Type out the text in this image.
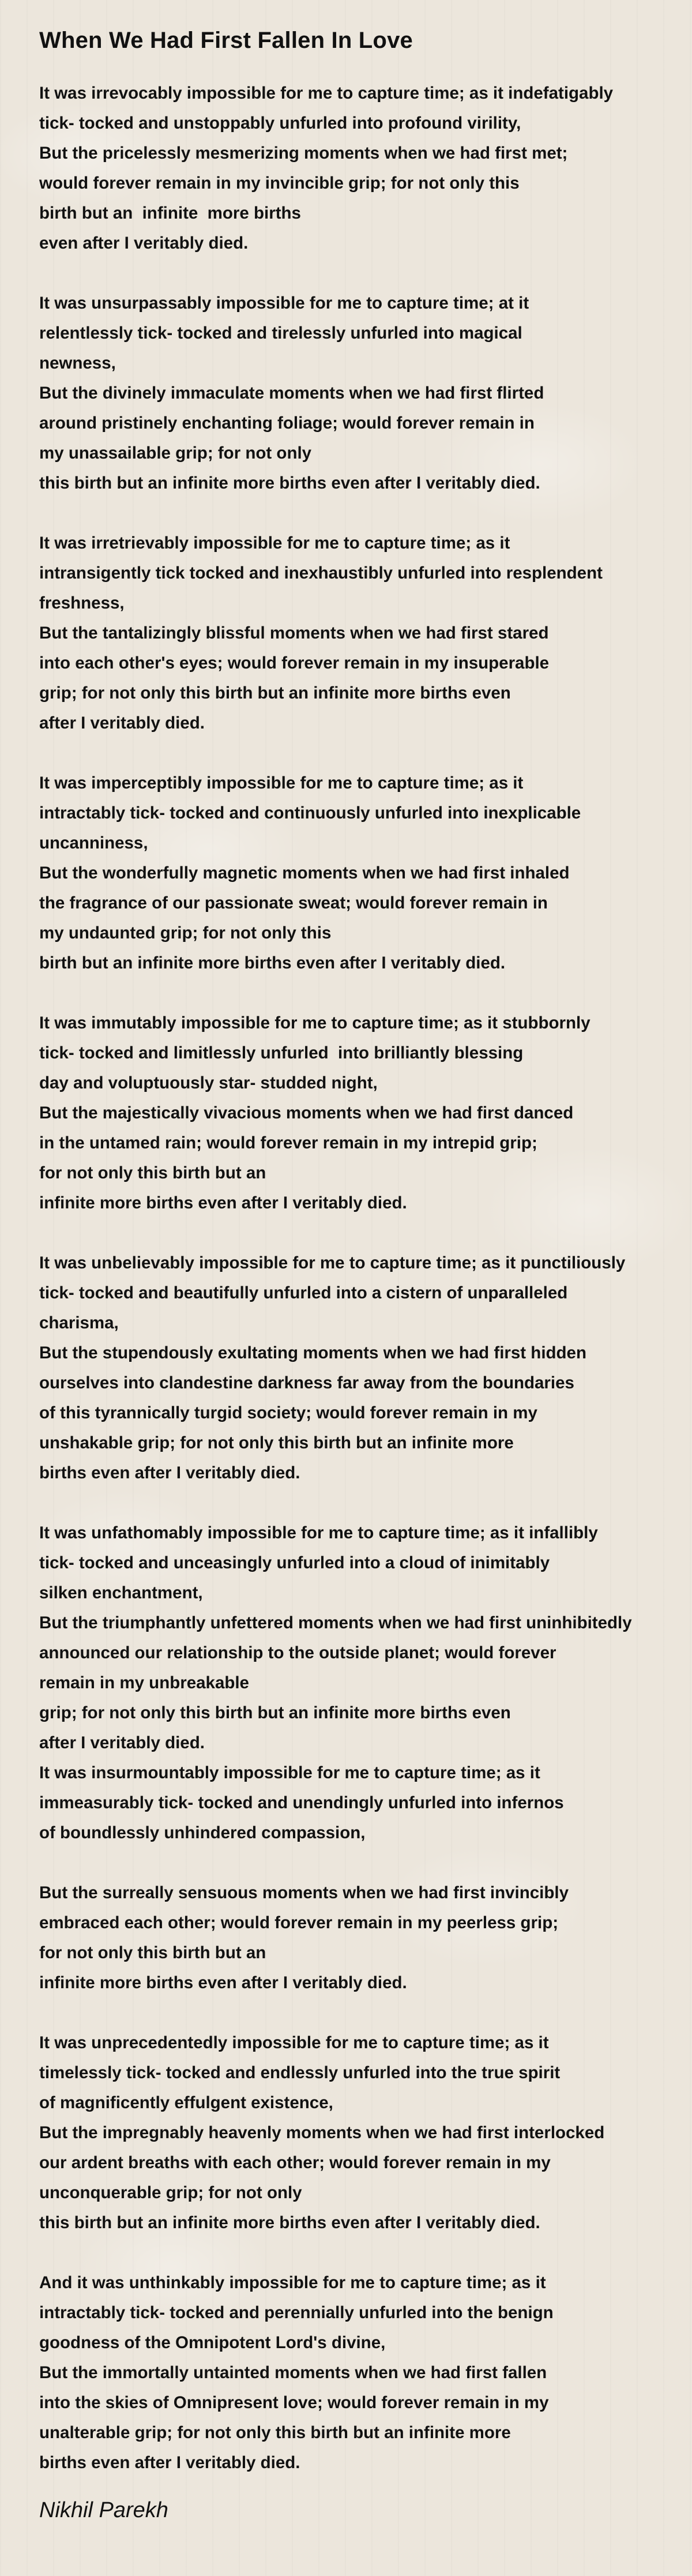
When We Had First Fallen In Love
It was irrevocably impossible for me to capture time; as it indefatigably
tick- tocked and unstoppably unfurled into profound virility,
But the pricelessly mesmerizing moments when we had first met;
would forever remain in my invincible grip; for not only this
birth but an  infinite  more births
even after I veritably died.
It was unsurpassably impossible for me to capture time; at it
relentlessly tick- tocked and tirelessly unfurled into magical
newness,
But the divinely immaculate moments when we had first flirted
around pristinely enchanting foliage; would forever remain in
my unassailable grip; for not only
this birth but an infinite more births even after I veritably died.
It was irretrievably impossible for me to capture time; as it
intransigently tick tocked and inexhaustibly unfurled into resplendent
freshness,
But the tantalizingly blissful moments when we had first stared
into each other's eyes; would forever remain in my insuperable
grip; for not only this birth but an infinite more births even
after I veritably died.
It was imperceptibly impossible for me to capture time; as it
intractably tick- tocked and continuously unfurled into inexplicable
uncanniness,
But the wonderfully magnetic moments when we had first inhaled
the fragrance of our passionate sweat; would forever remain in
my undaunted grip; for not only this
birth but an infinite more births even after I veritably died.
It was immutably impossible for me to capture time; as it stubbornly
tick- tocked and limitlessly unfurled  into brilliantly blessing
day and voluptuously star- studded night,
But the majestically vivacious moments when we had first danced
in the untamed rain; would forever remain in my intrepid grip;
for not only this birth but an
infinite more births even after I veritably died.
It was unbelievably impossible for me to capture time; as it punctiliously
tick- tocked and beautifully unfurled into a cistern of unparalleled
charisma,
But the stupendously exultating moments when we had first hidden
ourselves into clandestine darkness far away from the boundaries
of this tyrannically turgid society; would forever remain in my
unshakable grip; for not only this birth but an infinite more
births even after I veritably died.
It was unfathomably impossible for me to capture time; as it infallibly
tick- tocked and unceasingly unfurled into a cloud of inimitably
silken enchantment,
But the triumphantly unfettered moments when we had first uninhibitedly
announced our relationship to the outside planet; would forever
remain in my unbreakable
grip; for not only this birth but an infinite more births even
after I veritably died.
It was insurmountably impossible for me to capture time; as it
immeasurably tick- tocked and unendingly unfurled into infernos
of boundlessly unhindered compassion,
But the surreally sensuous moments when we had first invincibly
embraced each other; would forever remain in my peerless grip;
for not only this birth but an
infinite more births even after I veritably died.
It was unprecedentedly impossible for me to capture time; as it
timelessly tick- tocked and endlessly unfurled into the true spirit
of magnificently effulgent existence,
But the impregnably heavenly moments when we had first interlocked
our ardent breaths with each other; would forever remain in my
unconquerable grip; for not only
this birth but an infinite more births even after I veritably died.
And it was unthinkably impossible for me to capture time; as it
intractably tick- tocked and perennially unfurled into the benign
goodness of the Omnipotent Lord's divine,
But the immortally untainted moments when we had first fallen
into the skies of Omnipresent love; would forever remain in my
unalterable grip; for not only this birth but an infinite more
births even after I veritably died.
Nikhil Parekh
